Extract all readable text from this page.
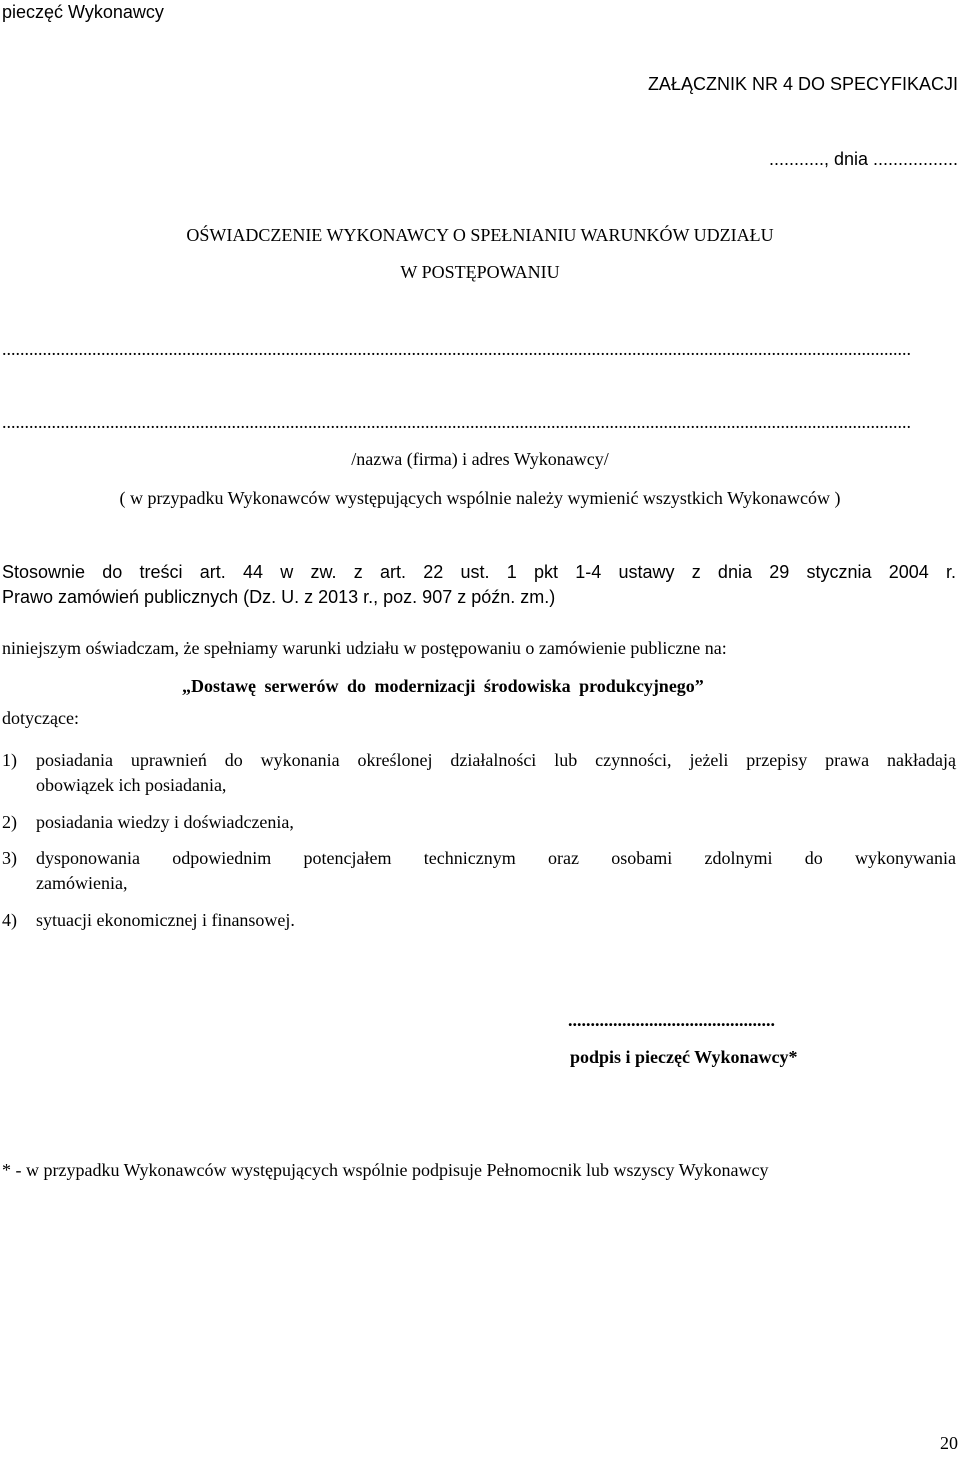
pieczęć Wykonawcy
ZAŁĄCZNIK NR 4 DO SPECYFIKACJI
..........., dnia .................
OŚWIADCZENIE WYKONAWCY O SPEŁNIANIU WARUNKÓW UDZIAŁU
W POSTĘPOWANIU
..........................................................................................................................................................................................................
..........................................................................................................................................................................................................
/nazwa (firma) i adres Wykonawcy/
( w przypadku Wykonawców występujących wspólnie należy wymienić wszystkich Wykonawców )
Stosownie do treści art. 44 w zw. z art. 22 ust. 1 pkt 1-4 ustawy z dnia 29 stycznia 2004 r.
Prawo zamówień publicznych (Dz. U. z 2013 r., poz. 907 z późn. zm.)
niniejszym oświadczam, że spełniamy warunki udziału w postępowaniu o zamówienie publiczne na:
„Dostawę serwerów do modernizacji środowiska produkcyjnego”
dotyczące:
1) posiadania uprawnień do wykonania określonej działalności lub czynności, jeżeli przepisy prawa nakładają
obowiązek ich posiadania,
2) posiadania wiedzy i doświadczenia,
3) dysponowania odpowiednim potencjałem technicznym oraz osobami zdolnymi do wykonywania
zamówienia,
4) sytuacji ekonomicznej i finansowej.
..............................................
podpis i pieczęć Wykonawcy*
* - w przypadku Wykonawców występujących wspólnie podpisuje Pełnomocnik lub wszyscy Wykonawcy
20
